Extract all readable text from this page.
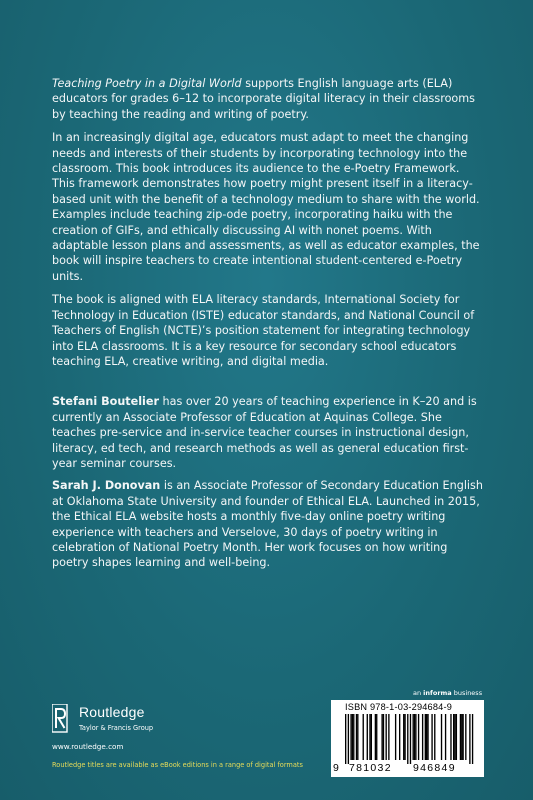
Teaching Poetry in a Digital World supports English language arts (ELA) educators for grades 6–12 to incorporate digital literacy in their classrooms by teaching the reading and writing of poetry.

In an increasingly digital age, educators must adapt to meet the changing needs and interests of their students by incorporating technology into the classroom. This book introduces its audience to the e-Poetry Framework. This framework demonstrates how poetry might present itself in a literacy-based unit with the benefit of a technology medium to share with the world. Examples include teaching zip-ode poetry, incorporating haiku with the creation of GIFs, and ethically discussing AI with nonet poems. With adaptable lesson plans and assessments, as well as educator examples, the book will inspire teachers to create intentional student-centered e-Poetry units.

The book is aligned with ELA literacy standards, International Society for Technology in Education (ISTE) educator standards, and National Council of Teachers of English (NCTE)’s position statement for integrating technology into ELA classrooms. It is a key resource for secondary school educators teaching ELA, creative writing, and digital media.

Stefani Boutelier has over 20 years of teaching experience in K–20 and is currently an Associate Professor of Education at Aquinas College. She teaches pre-service and in-service teacher courses in instructional design, literacy, ed tech, and research methods as well as general education first-year seminar courses.

Sarah J. Donovan is an Associate Professor of Secondary Education English at Oklahoma State University and founder of Ethical ELA. Launched in 2015, the Ethical ELA website hosts a monthly five-day online poetry writing experience with teachers and Verselove, 30 days of poetry writing in celebration of National Poetry Month. Her work focuses on how writing poetry shapes learning and well-being.

an informa business
Routledge
Taylor & Francis Group
www.routledge.com
Routledge titles are available as eBook editions in a range of digital formats
ISBN 978-1-03-294684-9
9 781032 946849
